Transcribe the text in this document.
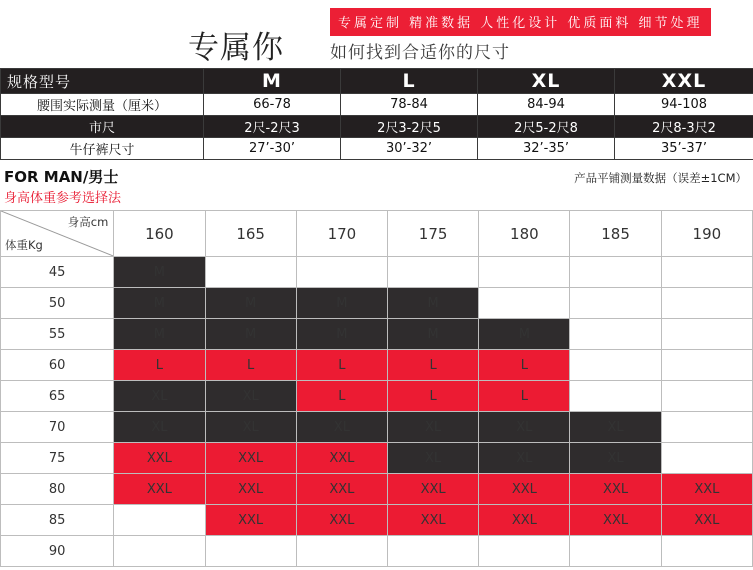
专属你
专属定制 精准数据 人性化设计 优质面料 细节处理
如何找到合适你的尺寸
规格型号	M	L	XL	XXL
腰围实际测量（厘米）	66-78	78-84	84-94	94-108
市尺	2尺-2尺3	2尺3-2尺5	2尺5-2尺8	2尺8-3尺2
牛仔裤尺寸	27’-30’	30’-32’	32’-35’	35’-37’
FOR MAN/男士	产品平铺测量数据（误差±1CM）
身高体重参考选择法
身高cm
体重Kg	160	165	170	175	180	185	190
45	M						
50	M	M	M	M			
55	M	M	M	M	M		
60	L	L	L	L	L		
65	XL	XL	L	L	L		
70	XL	XL	XL	XL	XL	XL	
75	XXL	XXL	XXL	XL	XL	XL	
80	XXL	XXL	XXL	XXL	XXL	XXL	XXL
85		XXL	XXL	XXL	XXL	XXL	XXL
90							
